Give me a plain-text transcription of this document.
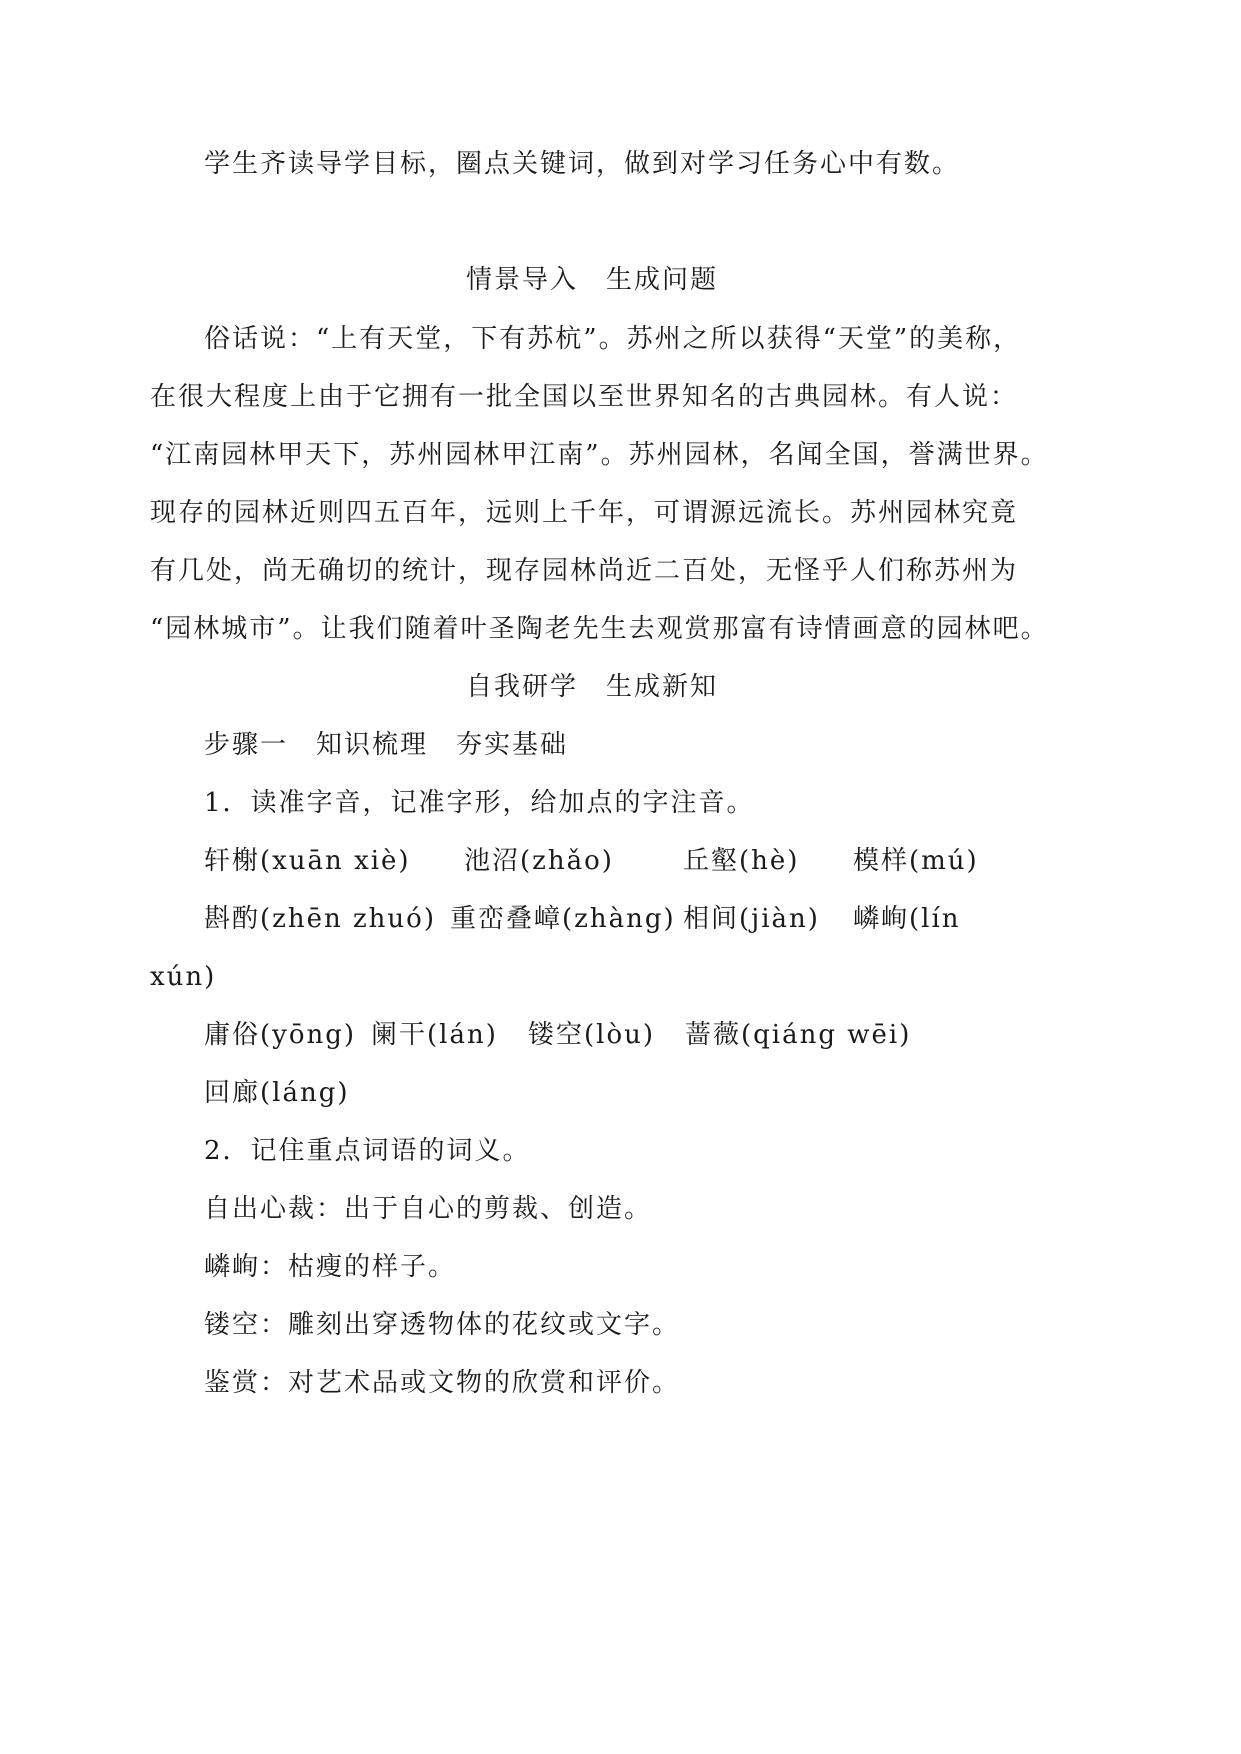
学生齐读导学目标，圈点关键词，做到对学习任务心中有数。
情景导入　生成问题
俗话说：“上有天堂，下有苏杭”。苏州之所以获得“天堂”的美称，
在很大程度上由于它拥有一批全国以至世界知名的古典园林。有人说：
“江南园林甲天下，苏州园林甲江南”。苏州园林，名闻全国，誉满世界。
现存的园林近则四五百年，远则上千年，可谓源远流长。苏州园林究竟
有几处，尚无确切的统计，现存园林尚近二百处，无怪乎人们称苏州为
“园林城市”。让我们随着叶圣陶老先生去观赏那富有诗情画意的园林吧。
自我研学　生成新知
步骤一　知识梳理　夯实基础
1．读准字音，记准字形，给加点的字注音。
轩榭(xuān xiè) 池沼(zhǎo)	丘壑(hè) 模样(mú)
斟酌(zhēn zhuó) 重峦叠嶂(zhàng) 相间(jiàn) 嶙峋(lín
xún)
庸俗(yōng) 阑干(lán) 镂空(lòu) 蔷薇(qiáng wēi)
回廊(láng)
2．记住重点词语的词义。
自出心裁：出于自心的剪裁、创造。
嶙峋：枯瘦的样子。
镂空：雕刻出穿透物体的花纹或文字。
鉴赏：对艺术品或文物的欣赏和评价。
